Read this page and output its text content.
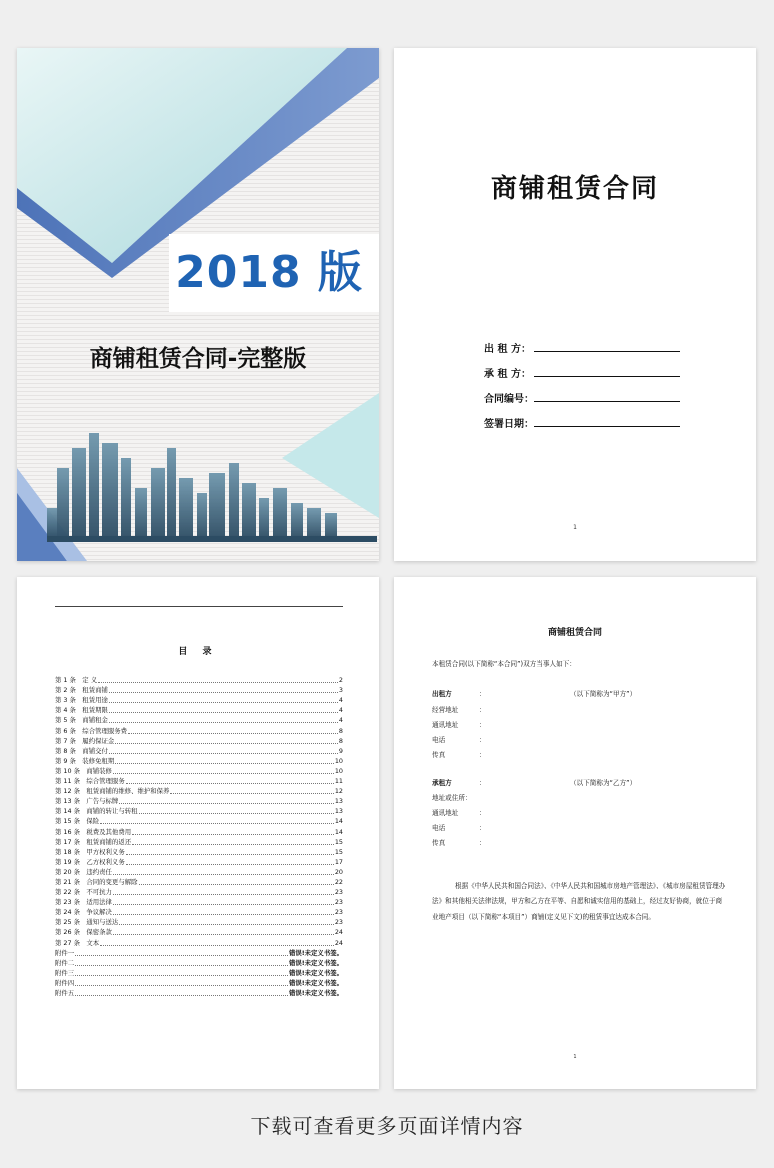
2018 版
商铺租赁合同-完整版
商铺租赁合同
出 租 方：
承 租 方：
合同编号：
签署日期：
1
目 录
第 1 条　定 义	2
第 2 条　租赁商铺	3
第 3 条　租赁用途	4
第 4 条　租赁期限	4
第 5 条　商铺租金	4
第 6 条　综合管理服务费	8
第 7 条　履约保证金	8
第 8 条　商铺交付	9
第 9 条　装修免租期	10
第 10 条　商铺装修	10
第 11 条　综合管理服务	11
第 12 条　租赁商铺的维修、维护和保养	12
第 13 条　广告与标牌	13
第 14 条　商铺的转让与转租	13
第 15 条　保险	14
第 16 条　税费及其他费用	14
第 17 条　租赁商铺的返还	15
第 18 条　甲方权利义务	15
第 19 条　乙方权利义务	17
第 20 条　违约责任	20
第 21 条　合同的变更与解除	22
第 22 条　不可抗力	23
第 23 条　适用法律	23
第 24 条　争议解决	23
第 25 条　通知与送达	23
第 26 条　保密条款	24
第 27 条　文本	24
附件一	错误!未定义书签。
附件二	错误!未定义书签。
附件三	错误!未定义书签。
附件四	错误!未定义书签。
附件五	错误!未定义书签。
商铺租赁合同
本租赁合同(以下简称“本合同”)双方当事人如下：
出租方	：	（以下简称为“甲方”）
经营地址	：
通讯地址	：
电话	：
传真	：
承租方	：	（以下简称为“乙方”）
地址或住所：
通讯地址	：
电话	：
传真	：
根据《中华人民共和国合同法》、《中华人民共和国城市房地产管理法》、《城市房屋租赁管理办法》和其他相关法律法规，甲方和乙方在平等、自愿和诚实信用的基础上，经过友好协商，就位于商业地产项目（以下简称“本项目”）商铺(定义见下文)的租赁事宜达成本合同。
1
下载可查看更多页面详情内容
